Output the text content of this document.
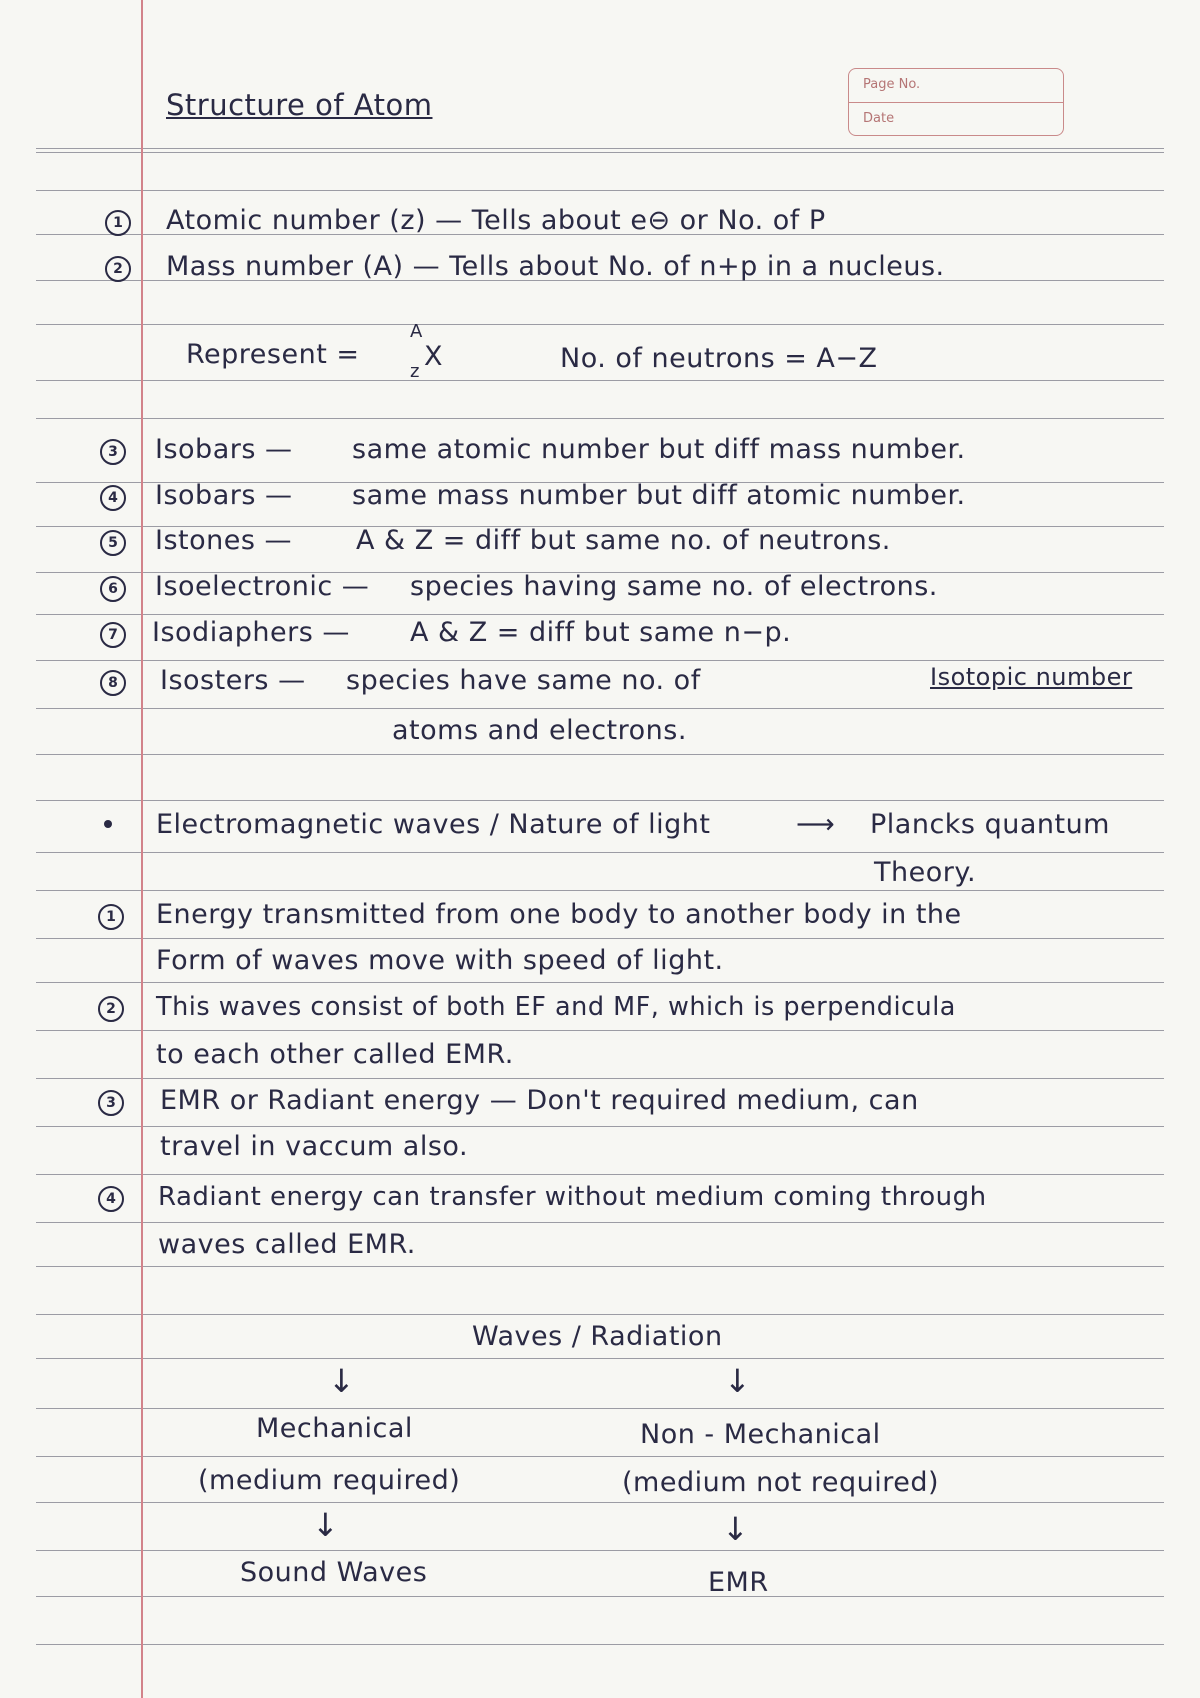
Structure of Atom
Page No.
Date
1	Atomic number (z) — Tells about e⊖ or No. of P
2	Mass number (A) — Tells about No. of n+p in a nucleus.
Represent =
A
z X	No. of neutrons = A−Z
3	Isobars — same atomic number but diff mass number.
4	Isobars — same mass number but diff atomic number.
5	Istones — A & Z = diff but same no. of neutrons.
6	Isoelectronic — species having same no. of electrons.
7	Isodiaphers — A & Z = diff but same n−p.
8	Isosters — species have same no. of	Isotopic number
atoms and electrons.
Electromagnetic waves / Nature of light	⟶ Plancks quantum
Theory.
1	Energy transmitted from one body to another body in the
Form of waves move with speed of light.
2	This waves consist of both EF and MF, which is perpendicula
to each other called EMR.
3	EMR or Radiant energy — Don't required medium, can
travel in vaccum also.
4	Radiant energy can transfer without medium coming through
waves called EMR.
Waves / Radiation
↓	↓
Mechanical	Non - Mechanical
(medium required)	(medium not required)
↓	↓
Sound Waves	EMR
